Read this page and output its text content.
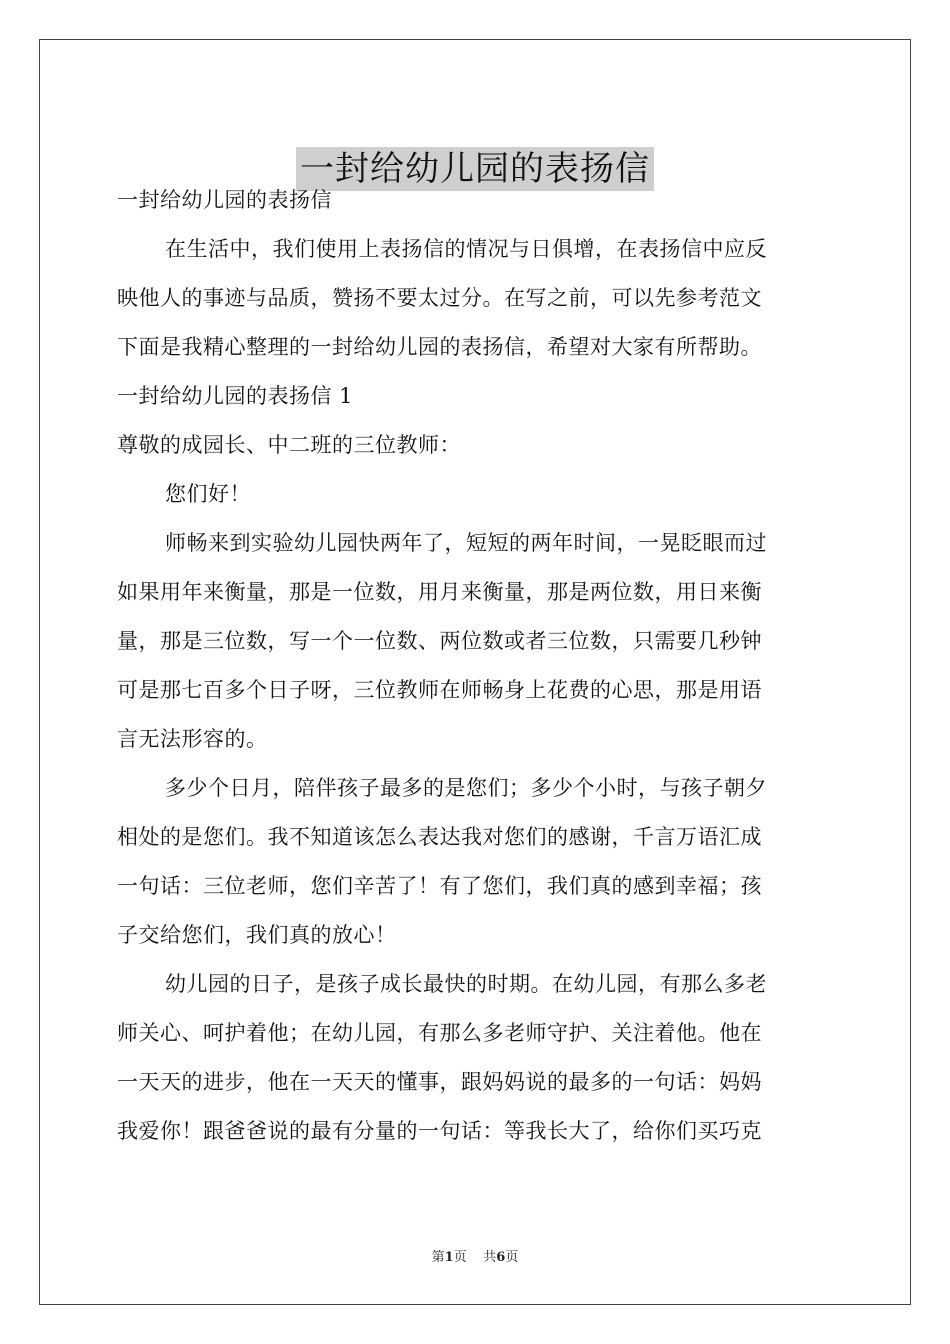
一封给幼儿园的表扬信
一封给幼儿园的表扬信
在生活中，我们使用上表扬信的情况与日俱增，在表扬信中应反
映他人的事迹与品质，赞扬不要太过分。在写之前，可以先参考范文
下面是我精心整理的一封给幼儿园的表扬信，希望对大家有所帮助。
一封给幼儿园的表扬信 1
尊敬的成园长、中二班的三位教师：
您们好！
师畅来到实验幼儿园快两年了，短短的两年时间，一晃眨眼而过
如果用年来衡量，那是一位数，用月来衡量，那是两位数，用日来衡
量，那是三位数，写一个一位数、两位数或者三位数，只需要几秒钟
可是那七百多个日子呀，三位教师在师畅身上花费的心思，那是用语
言无法形容的。
多少个日月，陪伴孩子最多的是您们；多少个小时，与孩子朝夕
相处的是您们。我不知道该怎么表达我对您们的感谢，千言万语汇成
一句话：三位老师，您们辛苦了！有了您们，我们真的感到幸福；孩
子交给您们，我们真的放心！
幼儿园的日子，是孩子成长最快的时期。在幼儿园，有那么多老
师关心、呵护着他；在幼儿园，有那么多老师守护、关注着他。他在
一天天的进步，他在一天天的懂事，跟妈妈说的最多的一句话：妈妈
我爱你！跟爸爸说的最有分量的一句话：等我长大了，给你们买巧克
第1页 共6页
